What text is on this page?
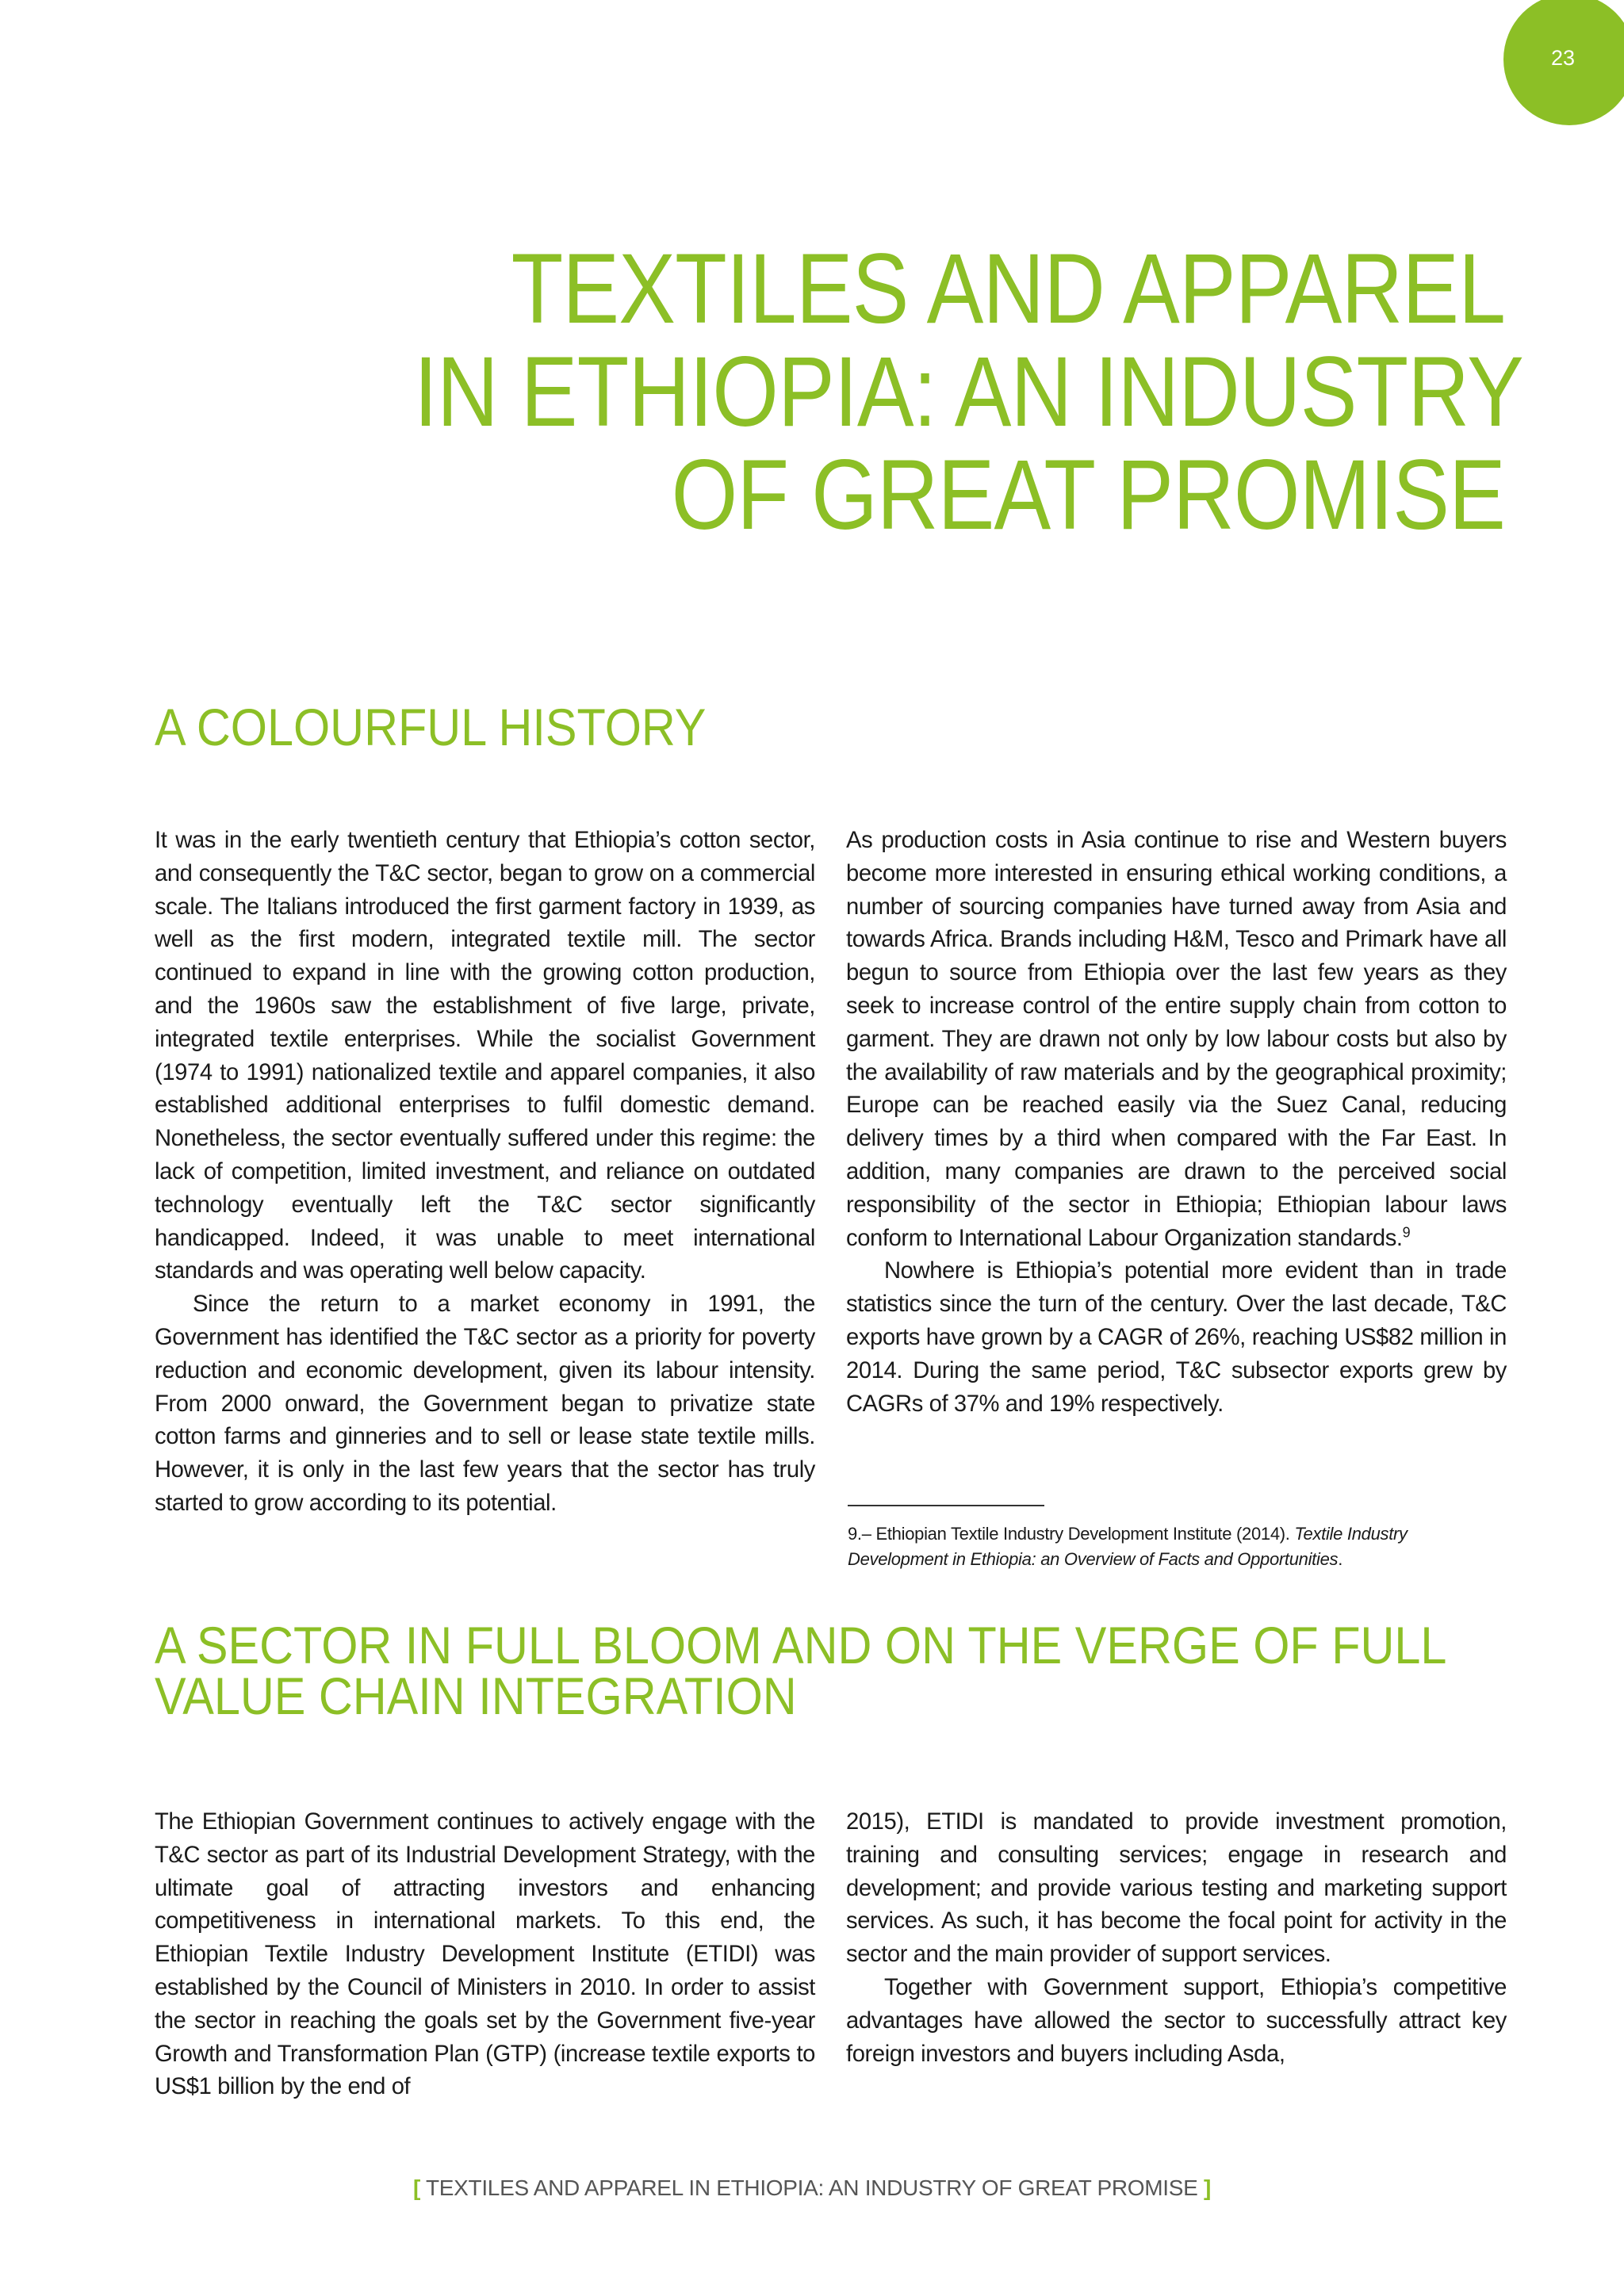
23
TEXTILES AND APPAREL
IN ETHIOPIA: AN INDUSTRY
OF GREAT PROMISE
A COLOURFUL HISTORY

It was in the early twentieth century that Ethiopia’s cotton sector, and consequently the T&C sector, began to grow on a commercial scale. The Italians introduced the first garment factory in 1939, as well as the first modern, integrated textile mill. The sector continued to expand in line with the growing cotton production, and the 1960s saw the establishment of five large, private, integrated textile enterprises. While the socialist Government (1974 to 1991) nationalized textile and apparel companies, it also established additional enterprises to fulfil domestic demand. Nonetheless, the sector eventually suffered under this regime: the lack of competition, limited investment, and reliance on outdated technology eventually left the T&C sector significantly handicapped. Indeed, it was unable to meet international standards and was operating well below capacity.

Since the return to a market economy in 1991, the Government has identified the T&C sector as a priority for poverty reduction and economic development, given its labour intensity. From 2000 onward, the Government began to privatize state cotton farms and ginneries and to sell or lease state textile mills. However, it is only in the last few years that the sector has truly started to grow according to its potential.

As production costs in Asia continue to rise and Western buyers become more interested in ensuring ethical working conditions, a number of sourcing companies have turned away from Asia and towards Africa. Brands including H&M, Tesco and Primark have all begun to source from Ethiopia over the last few years as they seek to increase control of the entire supply chain from cotton to garment. They are drawn not only by low labour costs but also by the availability of raw materials and by the geographical proximity; Europe can be reached easily via the Suez Canal, reducing delivery times by a third when compared with the Far East. In addition, many companies are drawn to the perceived social responsibility of the sector in Ethiopia; Ethiopian labour laws conform to International Labour Organization standards.$^9$

Nowhere is Ethiopia’s potential more evident than in trade statistics since the turn of the century. Over the last decade, T&C exports have grown by a CAGR of 26%, reaching US$82 million in 2014. During the same period, T&C subsector exports grew by CAGRs of 37% and 19% respectively.

9.– Ethiopian Textile Industry Development Institute (2014). Textile Industry Development in Ethiopia: an Overview of Facts and Opportunities.
A SECTOR IN FULL BLOOM AND ON THE VERGE OF FULL
VALUE CHAIN INTEGRATION

The Ethiopian Government continues to actively engage with the T&C sector as part of its Industrial Development Strategy, with the ultimate goal of attracting investors and enhancing competitiveness in international markets. To this end, the Ethiopian Textile Industry Development Institute (ETIDI) was established by the Council of Ministers in 2010. In order to assist the sector in reaching the goals set by the Government five-year Growth and Transformation Plan (GTP) (increase textile exports to US$1 billion by the end of

2015), ETIDI is mandated to provide investment promotion, training and consulting services; engage in research and development; and provide various testing and marketing support services. As such, it has become the focal point for activity in the sector and the main provider of support services.

Together with Government support, Ethiopia’s competitive advantages have allowed the sector to successfully attract key foreign investors and buyers including Asda,

[ TEXTILES AND APPAREL IN ETHIOPIA: AN INDUSTRY OF GREAT PROMISE ]
